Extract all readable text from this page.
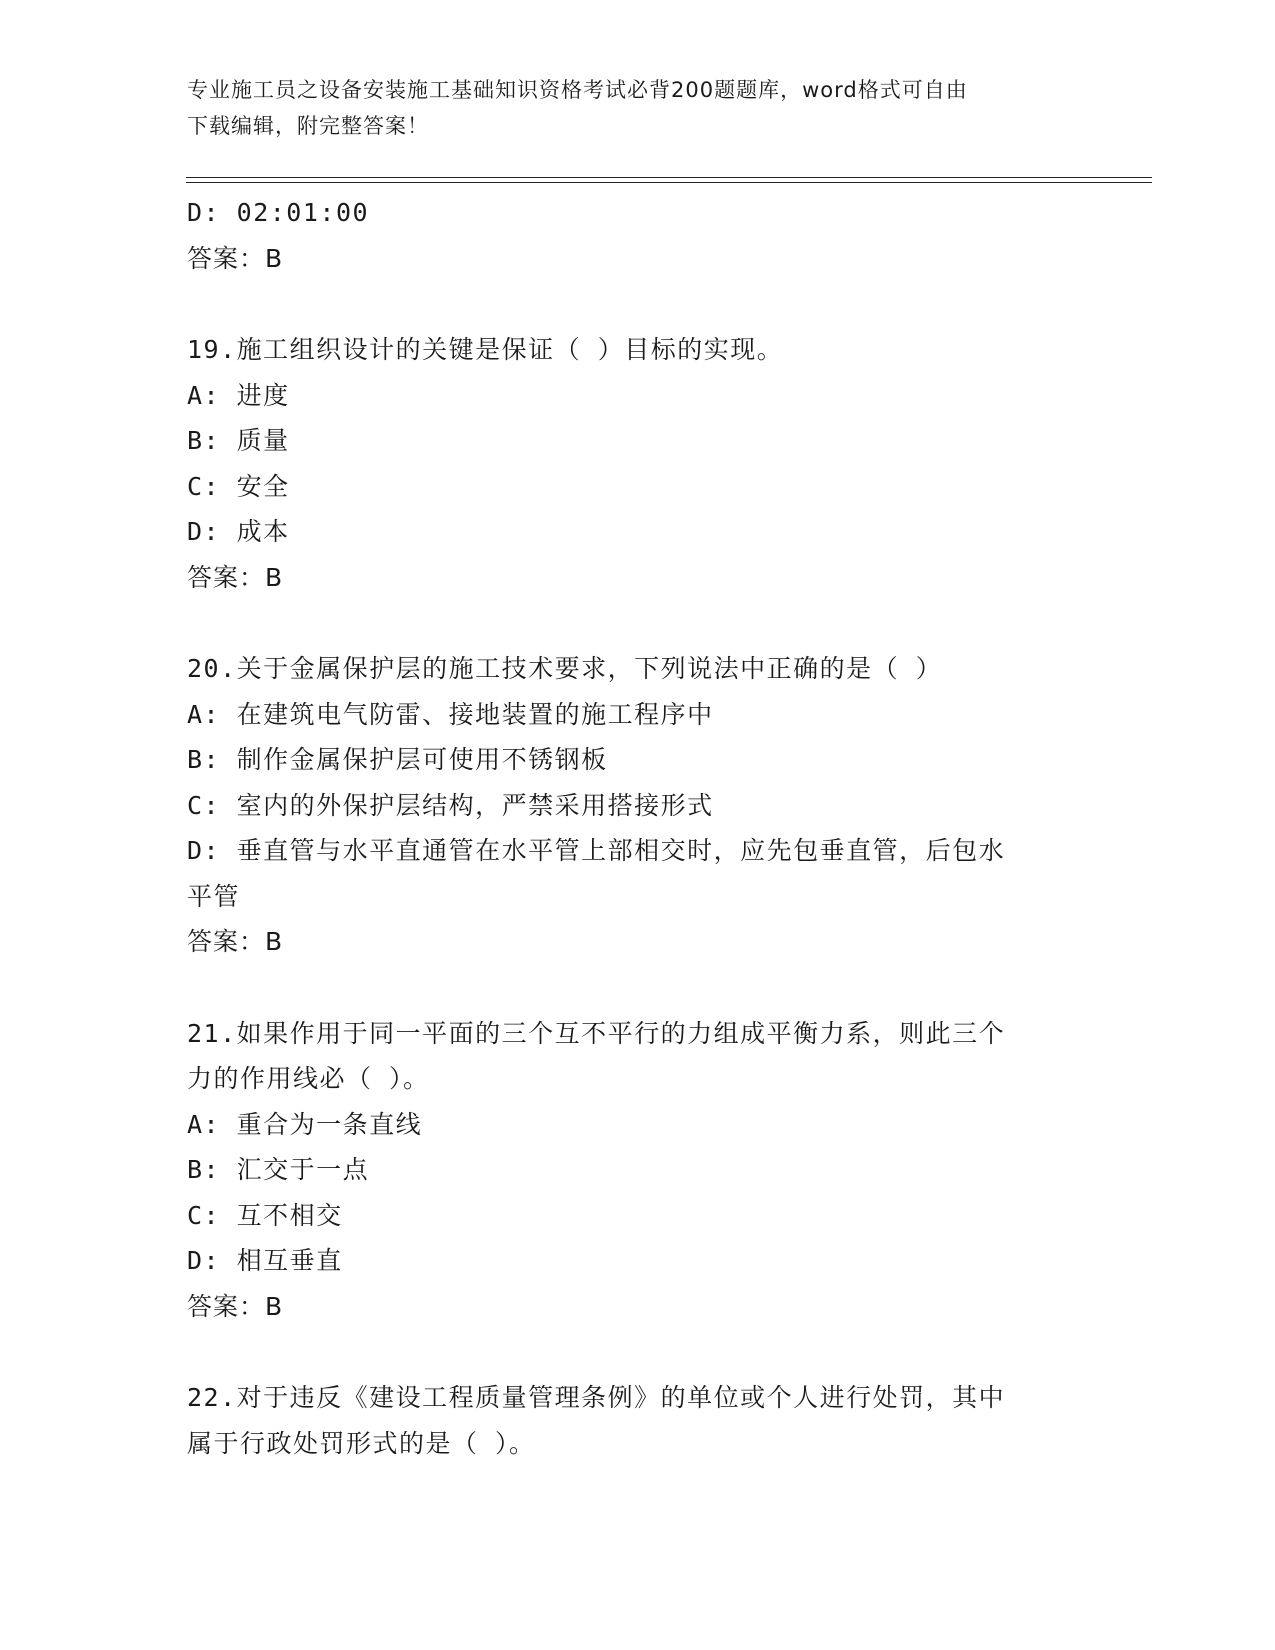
专业施工员之设备安装施工基础知识资格考试必背200题题库，word格式可自由
下载编辑，附完整答案！
D: 02:01:00
答案：B
19.施工组织设计的关键是保证（ ）目标的实现。
A: 进度
B: 质量
C: 安全
D: 成本
答案：B
20.关于金属保护层的施工技术要求，下列说法中正确的是（ ）
A: 在建筑电气防雷、接地装置的施工程序中
B: 制作金属保护层可使用不锈钢板
C: 室内的外保护层结构，严禁采用搭接形式
D: 垂直管与水平直通管在水平管上部相交时，应先包垂直管，后包水
平管
答案：B
21.如果作用于同一平面的三个互不平行的力组成平衡力系，则此三个
力的作用线必（ ）。
A: 重合为一条直线
B: 汇交于一点
C: 互不相交
D: 相互垂直
答案：B
22.对于违反《建设工程质量管理条例》的单位或个人进行处罚，其中
属于行政处罚形式的是（ ）。
